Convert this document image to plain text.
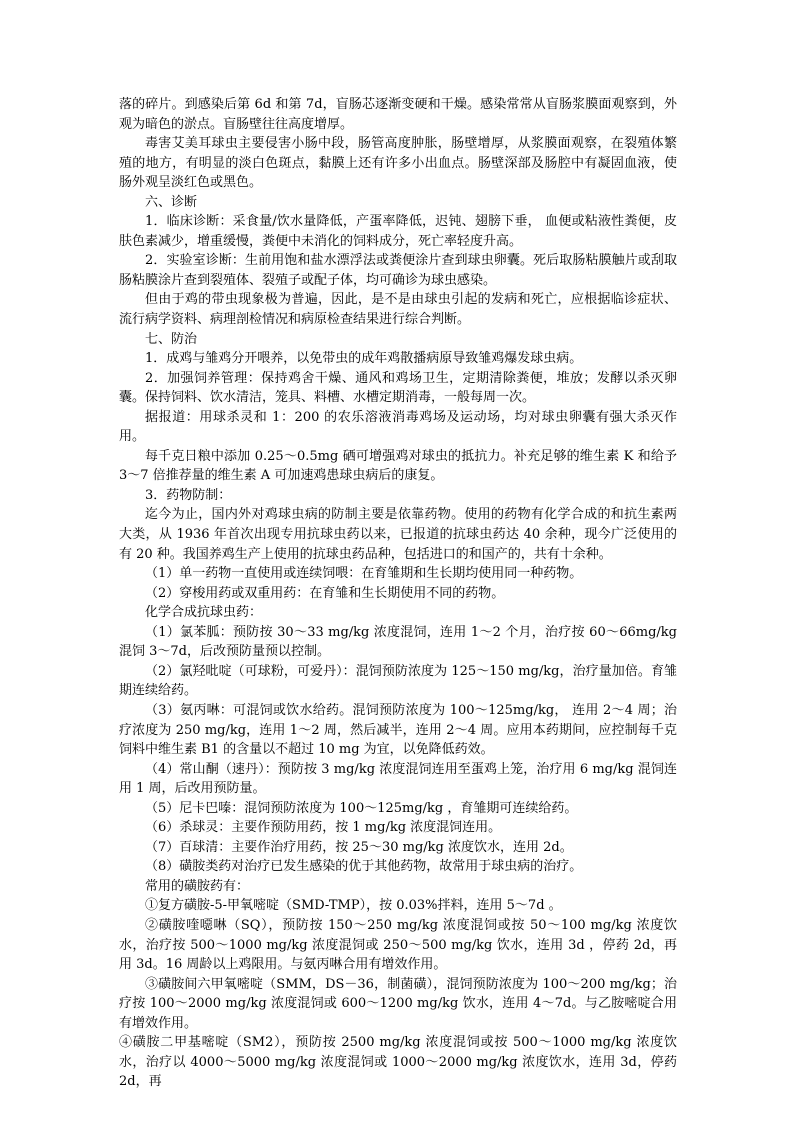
落的碎片。到感染后第 6d 和第 7d，盲肠芯逐渐变硬和干燥。感染常常从盲肠浆膜面观察到，外观为暗色的淤点。盲肠壁往往高度增厚。

毒害艾美耳球虫主要侵害小肠中段，肠管高度肿胀，肠壁增厚，从浆膜面观察，在裂殖体繁殖的地方，有明显的淡白色斑点，黏膜上还有许多小出血点。肠壁深部及肠腔中有凝固血液，使肠外观呈淡红色或黑色。

六、诊断

1．临床诊断：采食量/饮水量降低，产蛋率降低，迟钝、翅膀下垂， 血便或粘液性粪便，皮肤色素减少，增重缓慢，粪便中未消化的饲料成分，死亡率轻度升高。

2．实验室诊断：生前用饱和盐水漂浮法或粪便涂片查到球虫卵囊。死后取肠粘膜触片或刮取肠粘膜涂片查到裂殖体、裂殖子或配子体，均可确诊为球虫感染。

但由于鸡的带虫现象极为普遍，因此，是不是由球虫引起的发病和死亡，应根据临诊症状、流行病学资料、病理剖检情况和病原检查结果进行综合判断。

七、防治

1．成鸡与雏鸡分开喂养，以免带虫的成年鸡散播病原导致雏鸡爆发球虫病。

2．加强饲养管理：保持鸡舍干燥、通风和鸡场卫生，定期清除粪便，堆放；发酵以杀灭卵囊。保持饲料、饮水清洁，笼具、料槽、水槽定期消毒，一般每周一次。

据报道：用球杀灵和 1：200 的农乐溶液消毒鸡场及运动场，均对球虫卵囊有强大杀灭作用。

每千克日粮中添加 0.25～0.5mg 硒可增强鸡对球虫的抵抗力。补充足够的维生素 K 和给予 3～7 倍推荐量的维生素 A 可加速鸡患球虫病后的康复。

3．药物防制：

迄今为止，国内外对鸡球虫病的防制主要是依靠药物。使用的药物有化学合成的和抗生素两大类，从 1936 年首次出现专用抗球虫药以来，已报道的抗球虫药达 40 余种，现今广泛使用的有 20 种。我国养鸡生产上使用的抗球虫药品种，包括进口的和国产的，共有十余种。

（1）单一药物一直使用或连续饲喂：在育雏期和生长期均使用同一种药物。

（2）穿梭用药或双重用药：在育雏和生长期使用不同的药物。

化学合成抗球虫药：

（1）氯苯胍：预防按 30～33 mg/kg 浓度混饲，连用 1～2 个月，治疗按 60～66mg/kg 混饲 3～7d，后改预防量预以控制。

（2）氯羟吡啶（可球粉，可爱丹）：混饲预防浓度为 125～150 mg/kg，治疗量加倍。育雏期连续给药。

（3）氨丙啉：可混饲或饮水给药。混饲预防浓度为 100～125mg/kg， 连用 2～4 周；治疗浓度为 250 mg/kg，连用 1～2 周，然后减半，连用 2～4 周。应用本药期间，应控制每千克饲料中维生素 B1 的含量以不超过 10 mg 为宜，以免降低药效。

（4）常山酮（速丹）：预防按 3 mg/kg 浓度混饲连用至蛋鸡上笼，治疗用 6 mg/kg 混饲连用 1 周，后改用预防量。

（5）尼卡巴嗪：混饲预防浓度为 100～125mg/kg ，育雏期可连续给药。

（6）杀球灵：主要作预防用药，按 1 mg/kg 浓度混饲连用。

（7）百球清：主要作治疗用药，按 25～30 mg/kg 浓度饮水，连用 2d。

（8）磺胺类药对治疗已发生感染的优于其他药物，故常用于球虫病的治疗。

常用的磺胺药有：

①复方磺胺-5-甲氧嘧啶（SMD-TMP），按 0.03%拌料，连用 5～7d 。

②磺胺喹噁啉（SQ），预防按 150～250 mg/kg 浓度混饲或按 50～100 mg/kg 浓度饮水，治疗按 500～1000 mg/kg 浓度混饲或 250～500 mg/kg 饮水，连用 3d ，停药 2d，再用 3d。16 周龄以上鸡限用。与氨丙啉合用有增效作用。

③磺胺间六甲氧嘧啶（SMM，DS－36，制菌磺），混饲预防浓度为 100～200 mg/kg；治疗按 100～2000 mg/kg 浓度混饲或 600～1200 mg/kg 饮水，连用 4～7d。与乙胺嘧啶合用有增效作用。

④磺胺二甲基嘧啶（SM2），预防按 2500 mg/kg 浓度混饲或按 500～1000 mg/kg 浓度饮水，治疗以 4000～5000 mg/kg 浓度混饲或 1000～2000 mg/kg 浓度饮水，连用 3d，停药 2d，再
